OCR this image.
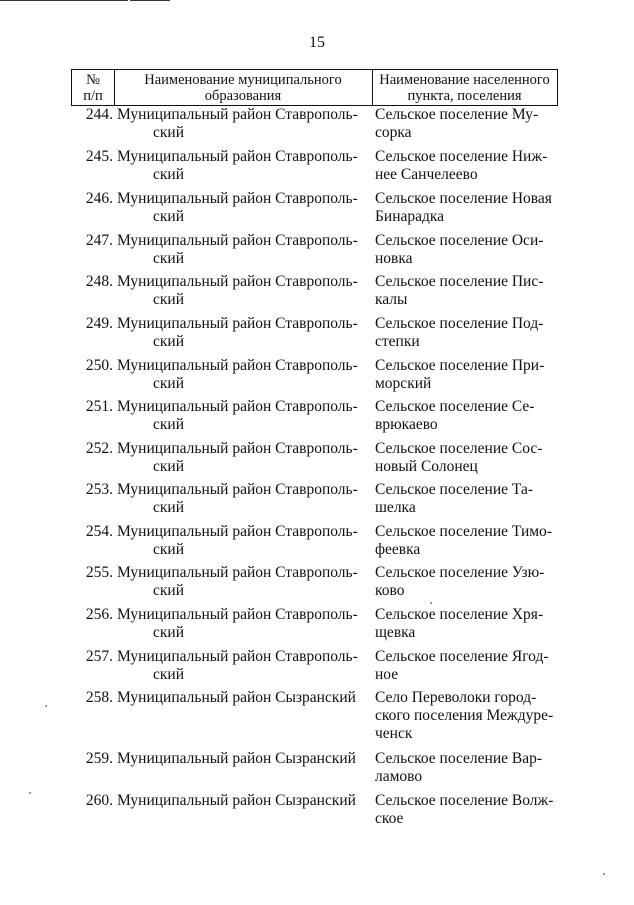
15
№
п/п
Наименование муниципального
образования
Наименование населенного
пункта, поселения
244. Муниципальный район Ставрополь-
ский
Сельское поселение Му-
сорка
245. Муниципальный район Ставрополь-
ский
Сельское поселение Ниж-
нее Санчелеево
246. Муниципальный район Ставрополь-
ский
Сельское поселение Новая
Бинарадка
247. Муниципальный район Ставрополь-
ский
Сельское поселение Оси-
новка
248. Муниципальный район Ставрополь-
ский
Сельское поселение Пис-
калы
249. Муниципальный район Ставрополь-
ский
Сельское поселение Под-
степки
250. Муниципальный район Ставрополь-
ский
Сельское поселение При-
морский
251. Муниципальный район Ставрополь-
ский
Сельское поселение Се-
врюкаево
252. Муниципальный район Ставрополь-
ский
Сельское поселение Сос-
новый Солонец
253. Муниципальный район Ставрополь-
ский
Сельское поселение Та-
шелка
254. Муниципальный район Ставрополь-
ский
Сельское поселение Тимо-
феевка
255. Муниципальный район Ставрополь-
ский
Сельское поселение Узю-
ково
256. Муниципальный район Ставрополь-
ский
Сельское поселение Хря-
щевка
257. Муниципальный район Ставрополь-
ский
Сельское поселение Ягод-
ное
258. Муниципальный район Сызранский Село Переволоки город-
ского поселения Междуре-
ченск
259. Муниципальный район Сызранский Сельское поселение Вар-
ламово
260. Муниципальный район Сызранский Сельское поселение Волж-
ское
